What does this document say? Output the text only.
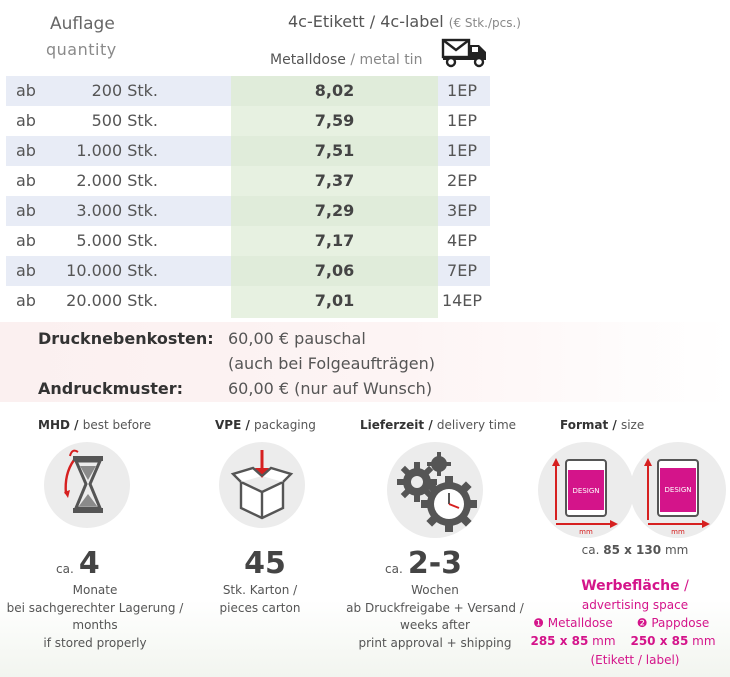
Auflage
quantity
4c-Etikett / 4c-label (€ Stk./pcs.)
Metalldose / metal tin
ab	200 Stk.	8,02	1EP
ab	500 Stk.	7,59	1EP
ab	1.000 Stk.	7,51	1EP
ab	2.000 Stk.	7,37	2EP
ab	3.000 Stk.	7,29	3EP
ab	5.000 Stk.	7,17	4EP
ab	10.000 Stk.	7,06	7EP
ab	20.000 Stk.	7,01	14EP
Drucknebenkosten: 60,00 € pauschal
(auch bei Folgeaufträgen)
Andruckmuster:	60,00 € (nur auf Wunsch)
MHD / best before
ca. 4
Monate
bei sachgerechter Lagerung /
months
if stored properly
VPE / packaging
45
Stk. Karton /
pieces carton
Lieferzeit / delivery time
ca. 2-3
Wochen
ab Druckfreigabe + Versand /
weeks after
print approval + shipping
Format / size
DESIGN
mm
DESIGN
mm
ca. 85 x 130 mm
Werbefläche /
advertising space
❶ Metalldose	❷ Pappdose
285 x 85 mm	250 x 85 mm
(Etikett / label)
